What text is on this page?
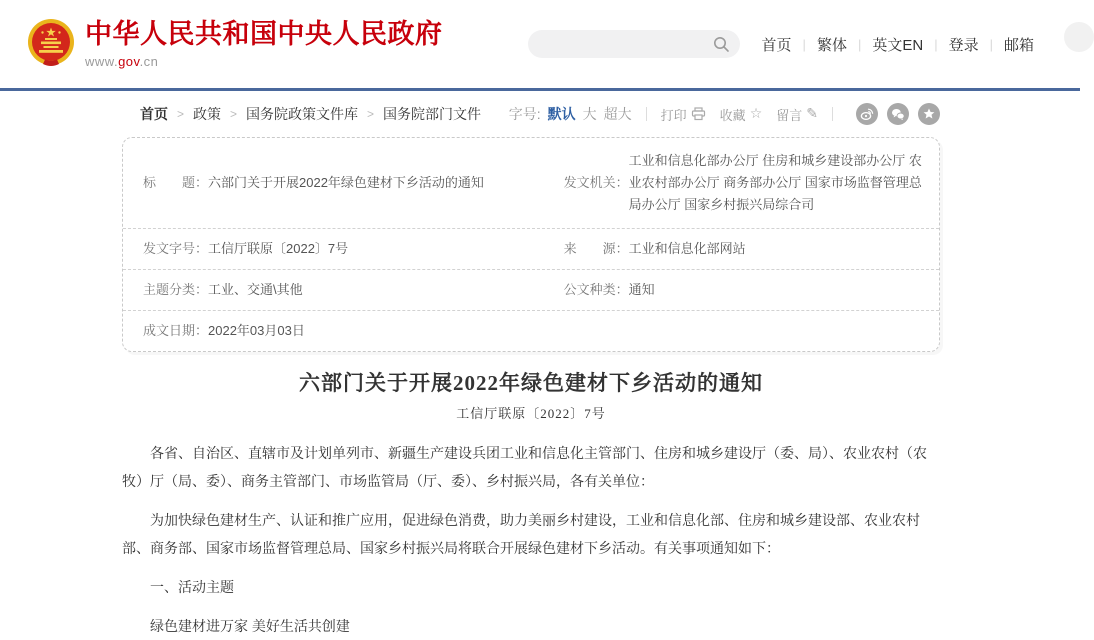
中华人民共和国中央人民政府
www.gov.cn
首页 | 繁体 | 英文EN | 登录 | 邮箱
首页 > 政策 > 国务院政策文件库 > 国务院部门文件 字号: 默认 大 超大 打印	收藏 ☆ 留言 ✎
标　　题： 六部门关于开展2022年绿色建材下乡活动的通知	发文机关：
工业和信息化部办公厅 住房和城乡建设部办公厅 农业农村部办公厅 商务部办公厅 国家市场监督管理总局办公厅 国家乡村振兴局综合司
发文字号： 工信厅联原〔2022〕7号	来　　源： 工业和信息化部网站
主题分类： 工业、交通\其他	公文种类： 通知
成文日期： 2022年03月03日
六部门关于开展2022年绿色建材下乡活动的通知
工信厅联原〔2022〕7号

各省、自治区、直辖市及计划单列市、新疆生产建设兵团工业和信息化主管部门、住房和城乡建设厅（委、局）、农业农村（农牧）厅（局、委）、商务主管部门、市场监管局（厅、委）、乡村振兴局，各有关单位：

为加快绿色建材生产、认证和推广应用，促进绿色消费，助力美丽乡村建设，工业和信息化部、住房和城乡建设部、农业农村部、商务部、国家市场监督管理总局、国家乡村振兴局将联合开展绿色建材下乡活动。有关事项通知如下：

一、活动主题

绿色建材进万家 美好生活共创建
